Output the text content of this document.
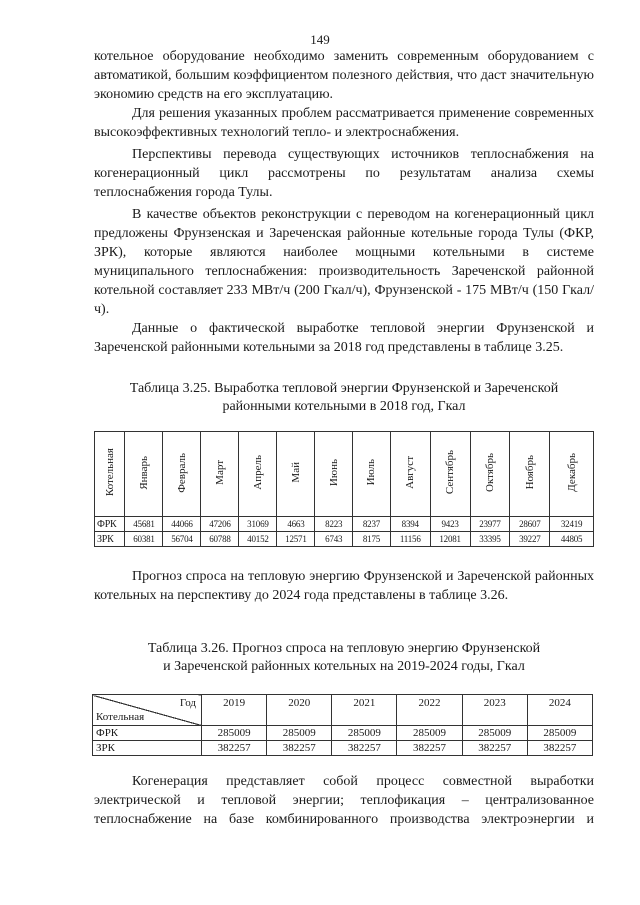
149

котельное оборудование необходимо заменить современным оборудованием с автоматикой, большим коэффициентом полезного действия, что даст значительную экономию средств на его эксплуатацию.

Для решения указанных проблем рассматривается применение современных высокоэффективных технологий тепло- и электроснабжения.

Перспективы перевода существующих источников теплоснабжения на когенерационный цикл рассмотрены по результатам анализа схемы теплоснабжения города Тулы.

В качестве объектов реконструкции с переводом на когенерационный цикл предложены Фрунзенская и Зареченская районные котельные города Тулы (ФКР, ЗРК), которые являются наиболее мощными котельными в системе муниципального теплоснабжения: производительность Зареченской районной котельной составляет 233 МВт/ч (200 Гкал/ч), Фрунзенской - 175 МВт/ч (150 Гкал/ч).

Данные о фактической выработке тепловой энергии Фрунзенской и Зареченской районными котельными за 2018 год представлены в таблице 3.25.

Таблица 3.25. Выработка тепловой энергии Фрунзенской и Зареченской
районными котельными в 2018 год, Гкал
Котельная	Январь	Февраль	Март	Апрель	Май	Июнь	Июль	Август	Сентябрь	Октябрь	Ноябрь	Декабрь
ФРК	45681	44066	47206	31069	4663	8223	8237	8394	9423	23977	28607	32419
ЗРК	60381	56704	60788	40152	12571	6743	8175	11156	12081	33395	39227	44805

Прогноз спроса на тепловую энергию Фрунзенской и Зареченской районных котельных на перспективу до 2024 года представлены в таблице 3.26.

Таблица 3.26. Прогноз спроса на тепловую энергию Фрунзенской
и Зареченской районных котельных на 2019-2024 годы, Гкал
Год
Котельная	2019	2020	2021	2022	2023	2024
ФРК	285009	285009	285009	285009	285009	285009
ЗРК	382257	382257	382257	382257	382257	382257

Когенерация представляет собой процесс совместной выработки электрической и тепловой энергии; теплофикация – централизованное теплоснабжение на базе комбинированного производства электроэнергии и
